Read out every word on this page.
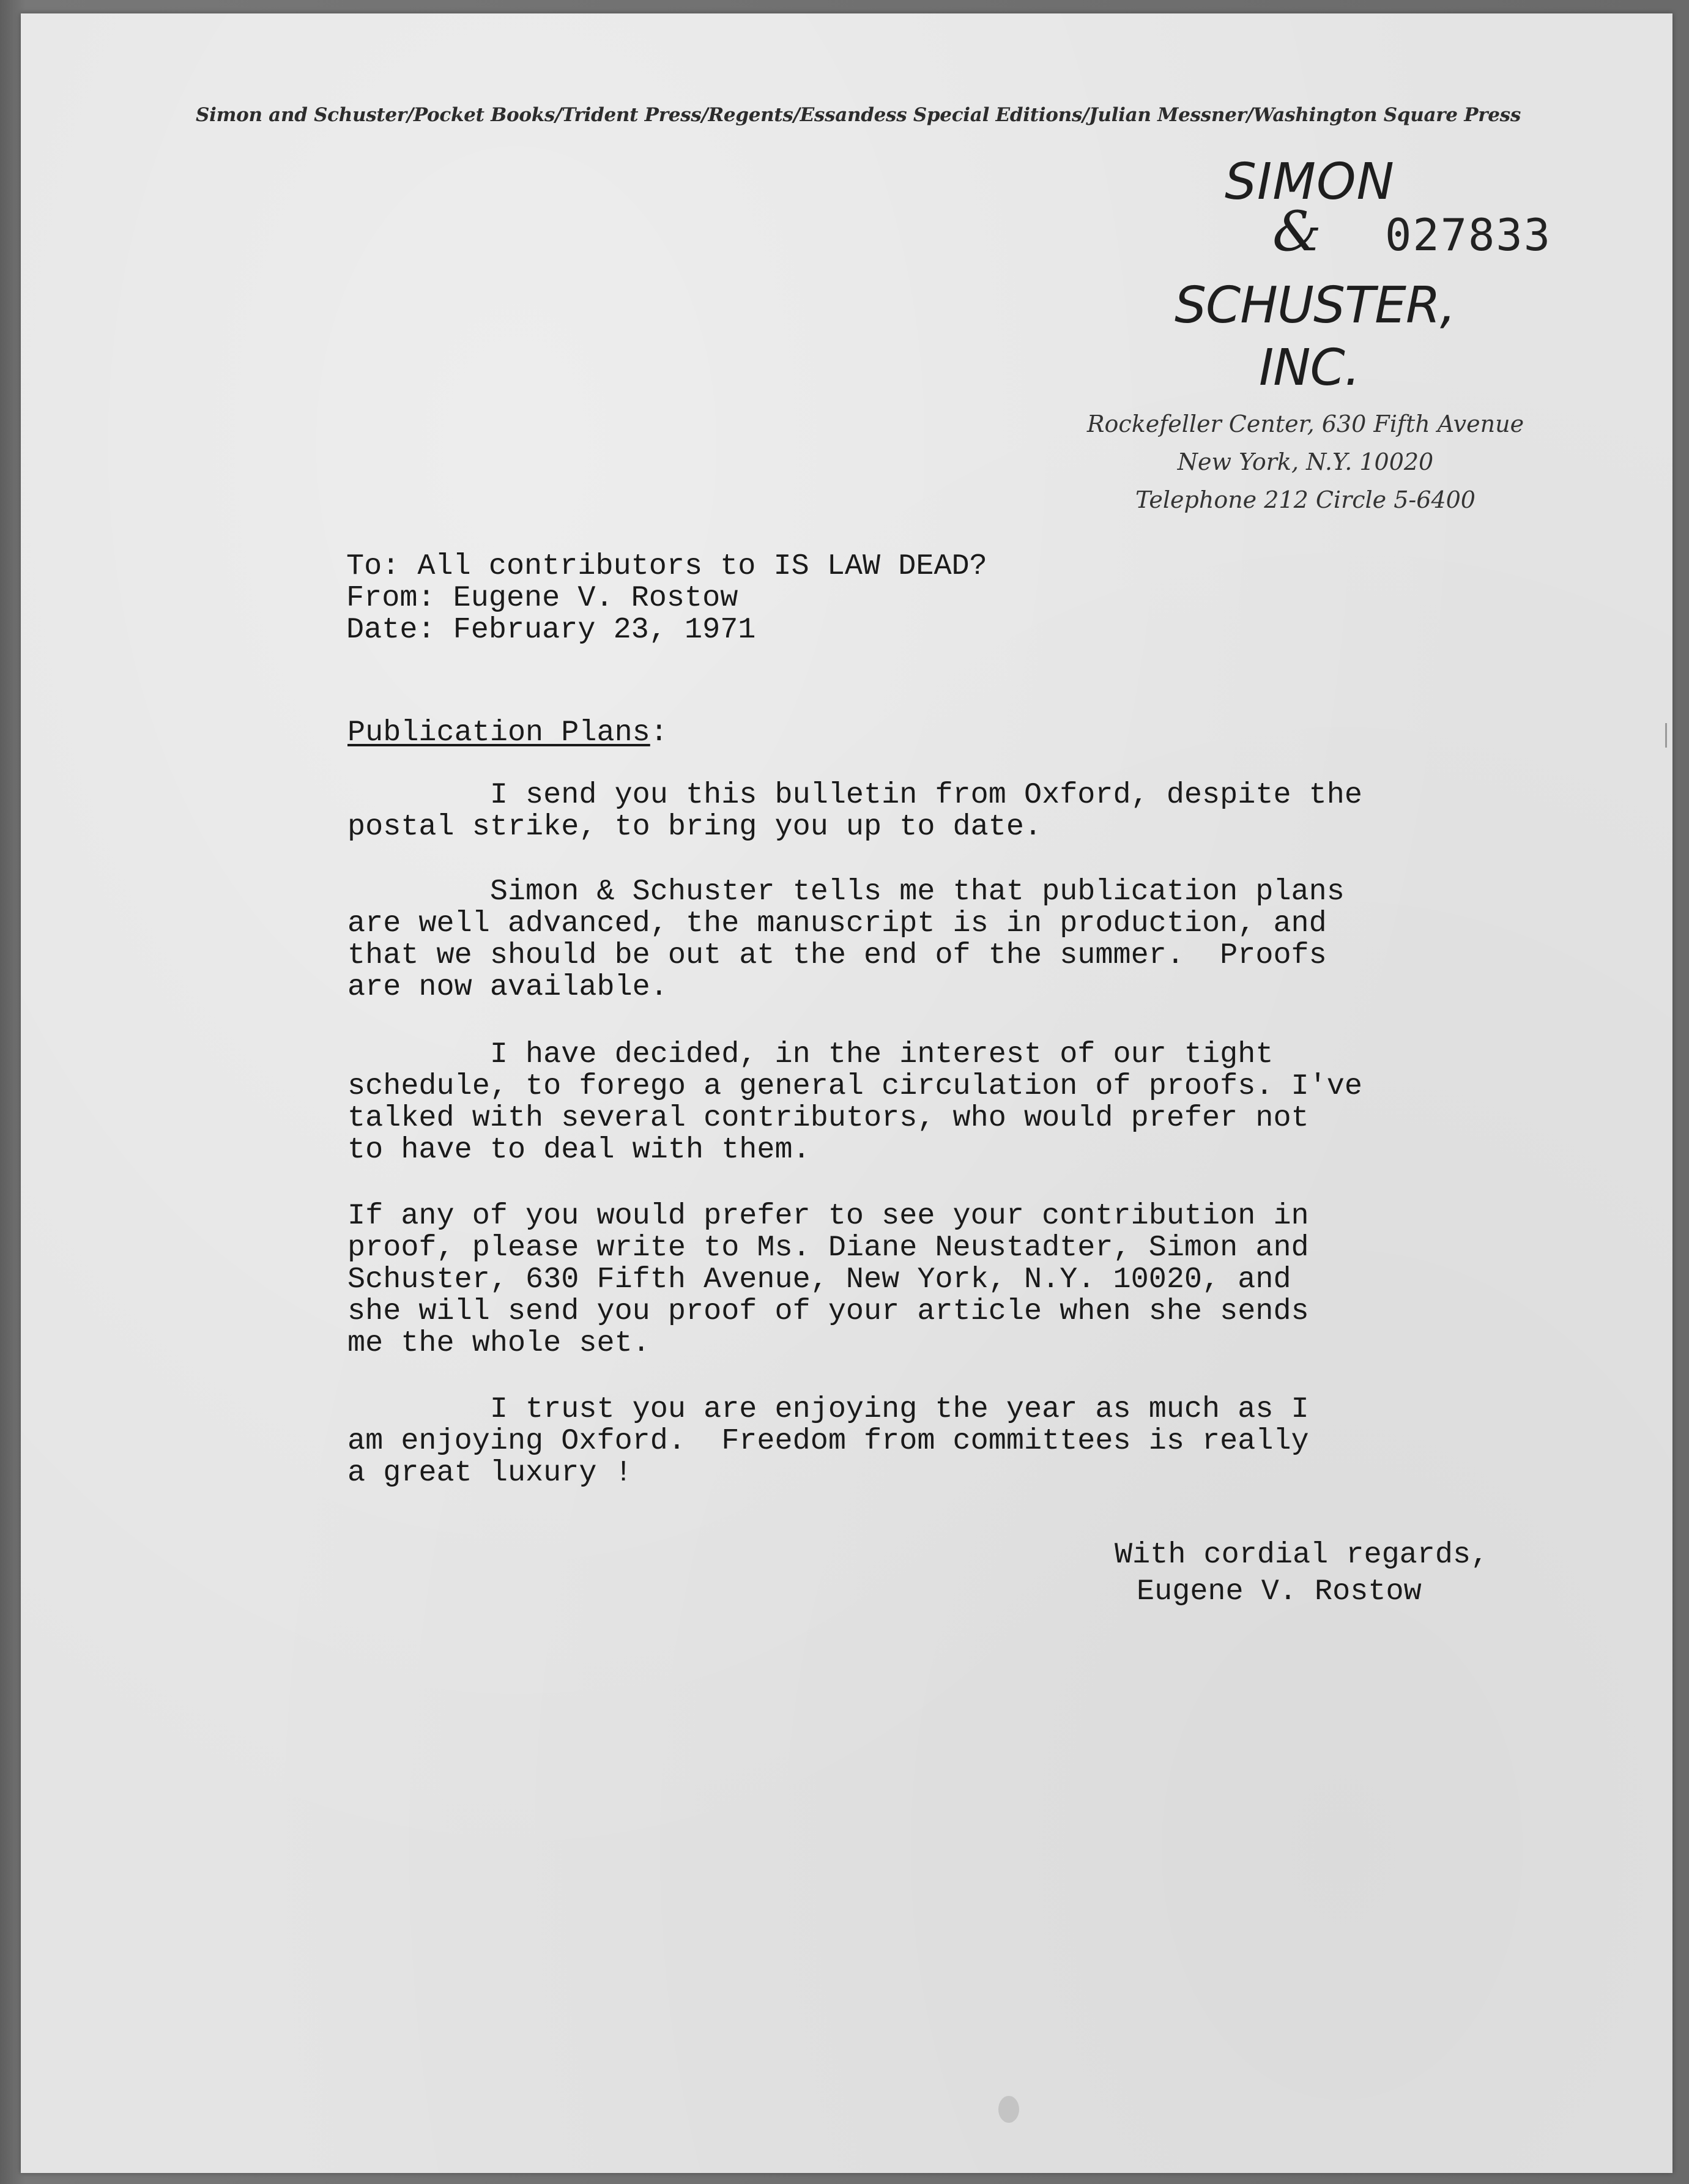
Simon and Schuster/Pocket Books/Trident Press/Regents/Essandess Special Editions/Julian Messner/Washington Square Press
SIMON
&
SCHUSTER,
INC.
027833
Rockefeller Center, 630 Fifth Avenue
New York, N.Y. 10020
Telephone 212 Circle 5-6400
To: All contributors to IS LAW DEAD?
From: Eugene V. Rostow
Date: February 23, 1971
Publication Plans:
I send you this bulletin from Oxford, despite the
postal strike, to bring you up to date.
Simon & Schuster tells me that publication plans
are well advanced, the manuscript is in production, and
that we should be out at the end of the summer.  Proofs
are now available.
I have decided, in the interest of our tight
schedule, to forego a general circulation of proofs. I've
talked with several contributors, who would prefer not
to have to deal with them.
If any of you would prefer to see your contribution in
proof, please write to Ms. Diane Neustadter, Simon and
Schuster, 630 Fifth Avenue, New York, N.Y. 10020, and
she will send you proof of your article when she sends
me the whole set.
I trust you are enjoying the year as much as I
am enjoying Oxford.  Freedom from committees is really
a great luxury !
With cordial regards,
Eugene V. Rostow
